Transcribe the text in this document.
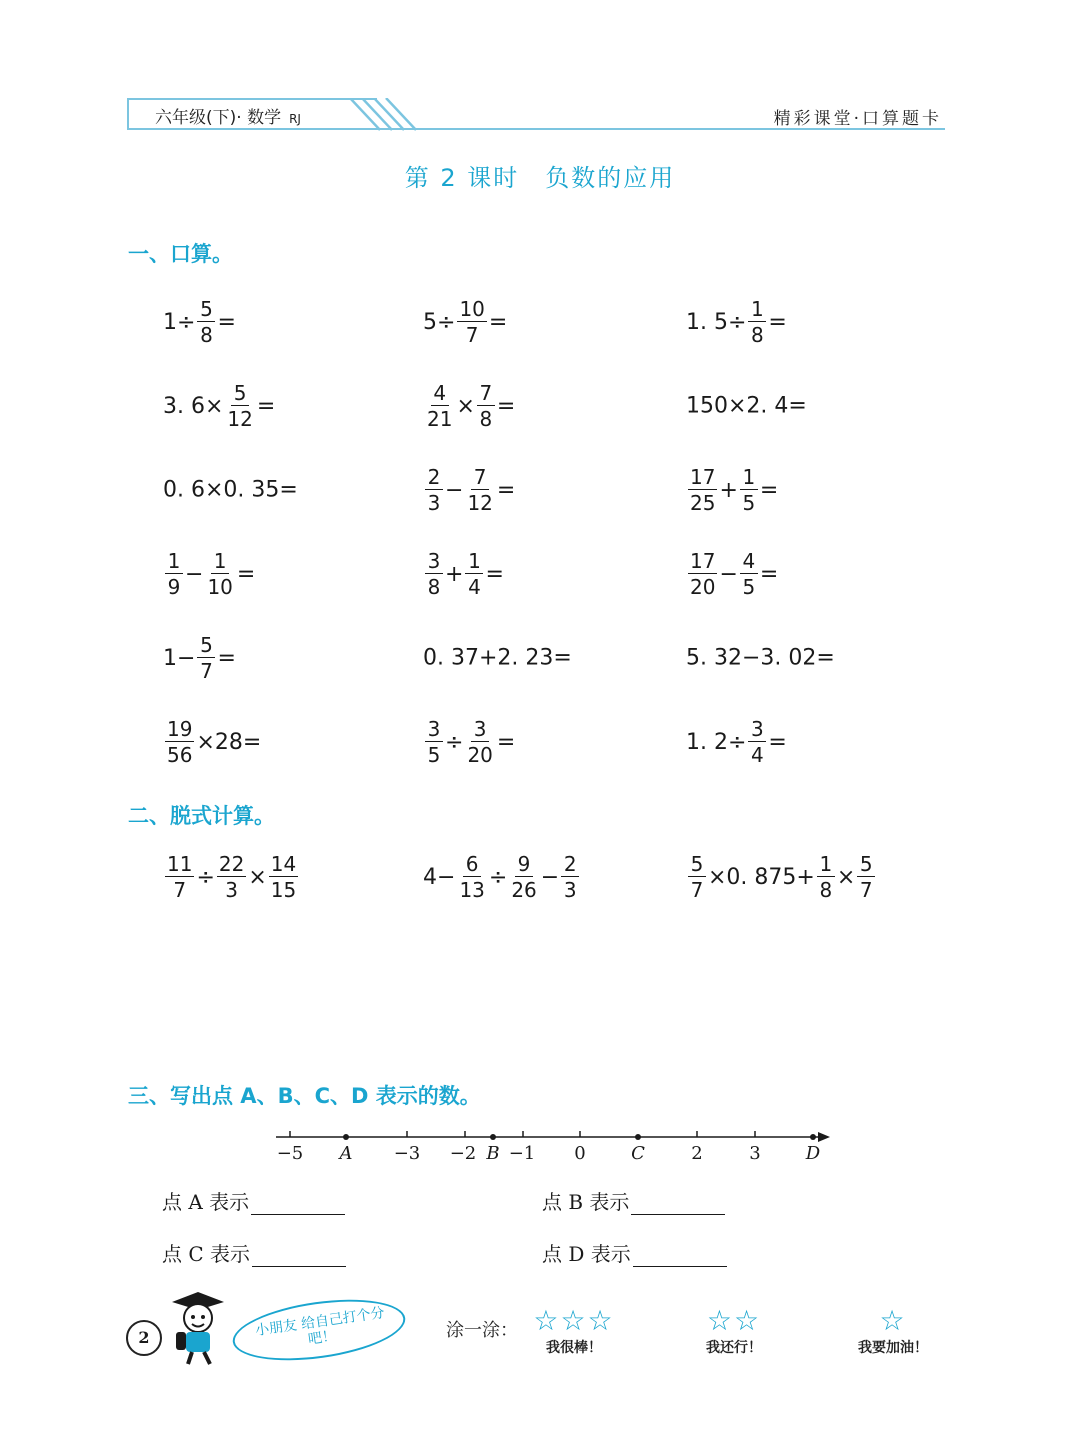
六年级(下)· 数学 RJ	精彩课堂·口算题卡
第 2 课时 负数的应用
一、口算。
$1\div \frac{5}{8}$ =	$5\div \frac{10}{7}$ =	1. $5\div \frac{1}{8}$ =
3. $6\times \frac{5}{12}$ =	$\frac{4}{21} \times \frac{7}{8}$ =	150×2. 4=
0. 6×0. 35=	$\frac{2}{3} - \frac{7}{12}$ =	$\frac{17}{25} + \frac{1}{5}$ =
$\frac{1}{9} - \frac{1}{10}$ =	$\frac{3}{8} + \frac{1}{4}$ =	$\frac{17}{20} - \frac{4}{5}$ =
$1- \frac{5}{7}$ =	0. 37+2. 23=	5. 32−3. 02=
$\frac{19}{56} \times 28=$	$\frac{3}{5} \div \frac{3}{20}$ =	1. $2\div \frac{3}{4}$ =
二、脱式计算。
$\frac{11}{7} \div \frac{22}{3} \times \frac{14}{15}$	$4- \frac{6}{13} \div \frac{9}{26} - \frac{2}{3}$	$\frac{5}{7} \times 0$. $875+ \frac{1}{8} \times \frac{5}{7}$
三、写出点 A、B、C、D 表示的数。
−5 A −3 −2 B −1 0	C	2	3	D
点 A 表示	点 B 表示
点 C 表示	点 D 表示
2	小朋友 给自己打个分吧！	涂一涂： ☆☆☆
我很棒！
☆☆
我还行！
☆
我要加油！
